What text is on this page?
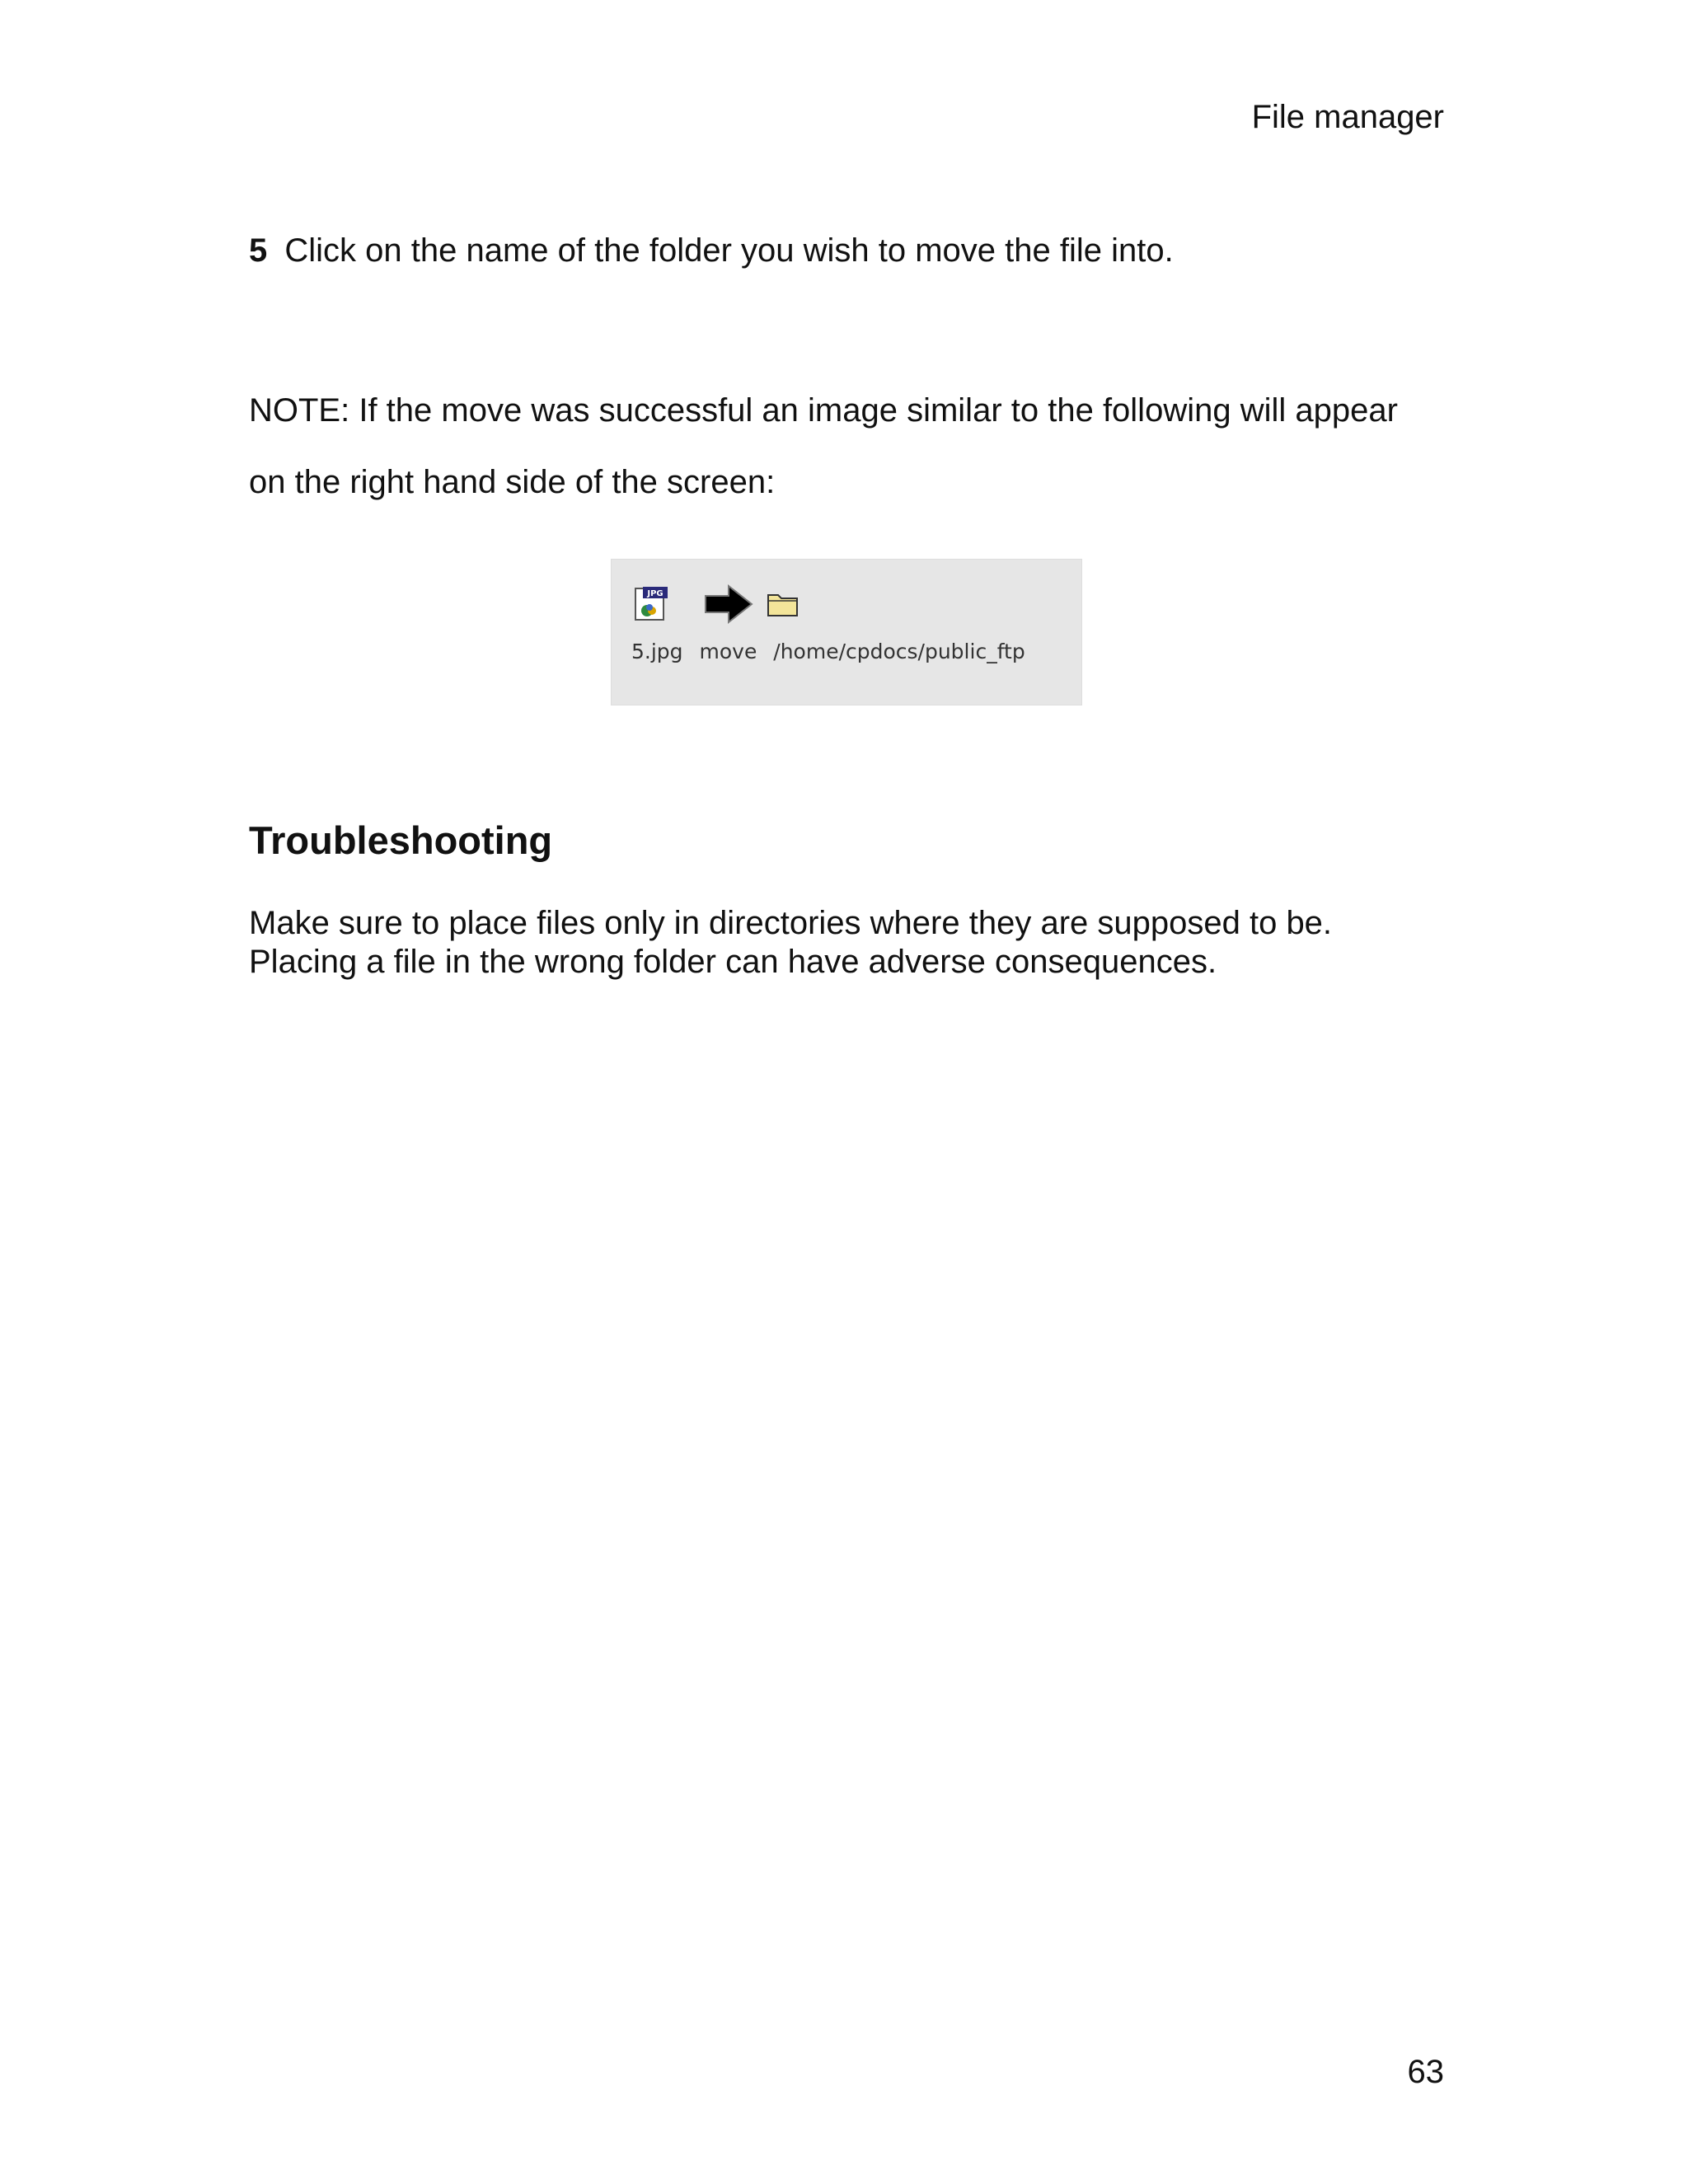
File manager
5 Click on the name of the folder you wish to move the file into.
NOTE: If the move was successful an image similar to the following will appear
on the right hand side of the screen:
JPG
5.jpg move /home/cpdocs/public_ftp
Troubleshooting
Make sure to place files only in directories where they are supposed to be.
Placing a file in the wrong folder can have adverse consequences.
63
